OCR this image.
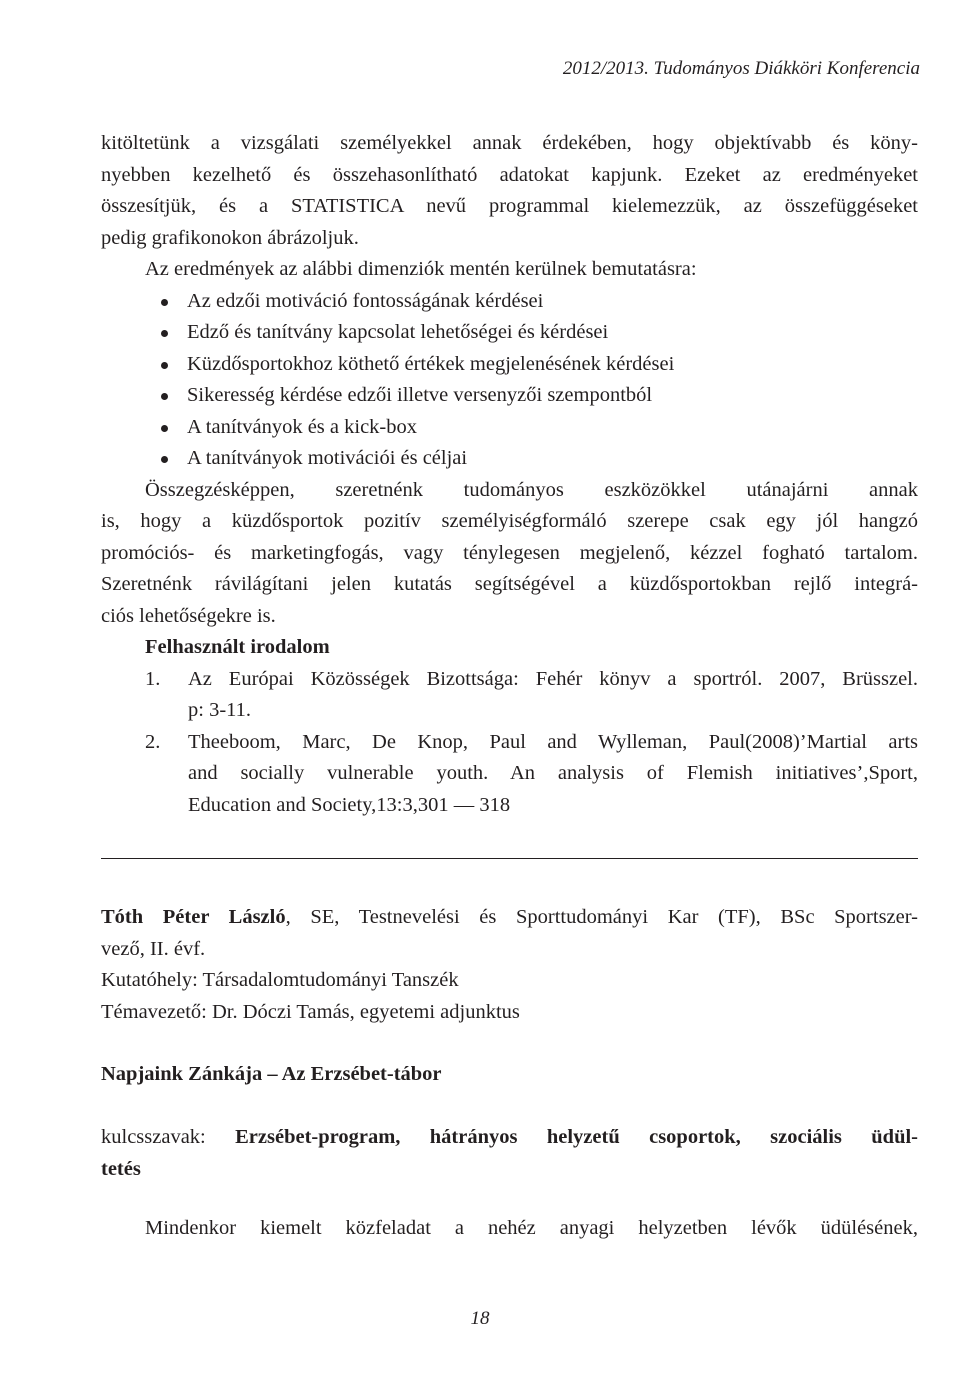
2012/2013. Tudományos Diákköri Konferencia
kitöltetünk a vizsgálati személyekkel annak érdekében, hogy objektívabb és köny-
nyebben kezelhető és összehasonlítható adatokat kapjunk. Ezeket az eredményeket
összesítjük, és a STATISTICA nevű programmal kielemezzük, az összefüggéseket
pedig grafikonokon ábrázoljuk.
Az eredmények az alábbi dimenziók mentén kerülnek bemutatásra:
Az edzői motiváció fontosságának kérdései
Edző és tanítvány kapcsolat lehetőségei és kérdései
Küzdősportokhoz köthető értékek megjelenésének kérdései
Sikeresség kérdése edzői illetve versenyzői szempontból
A tanítványok és a kick-box
A tanítványok motivációi és céljai
Összegzésképpen, szeretnénk tudományos eszközökkel utánajárni annak
is, hogy a küzdősportok pozitív személyiségformáló szerepe csak egy jól hangzó
promóciós- és marketingfogás, vagy ténylegesen megjelenő, kézzel fogható tartalom.
Szeretnénk rávilágítani jelen kutatás segítségével a küzdősportokban rejlő integrá-
ciós lehetőségekre is.
Felhasznált irodalom
1. Az Európai Közösségek Bizottsága: Fehér könyv a sportról. 2007, Brüsszel.
p: 3-11.
2. Theeboom, Marc, De Knop, Paul and Wylleman, Paul(2008)’Martial arts
and socially vulnerable youth. An analysis of Flemish initiatives’,Sport,
Education and Society,13:3,301 — 318
Tóth Péter László, SE, Testnevelési és Sporttudományi Kar (TF), BSc Sportszer-
vező, II. évf.
Kutatóhely: Társadalomtudományi Tanszék
Témavezető: Dr. Dóczi Tamás, egyetemi adjunktus
Napjaink Zánkája – Az Erzsébet-tábor
kulcsszavak: Erzsébet-program, hátrányos helyzetű csoportok, szociális üdül-
tetés
Mindenkor kiemelt közfeladat a nehéz anyagi helyzetben lévők üdülésének,
18
